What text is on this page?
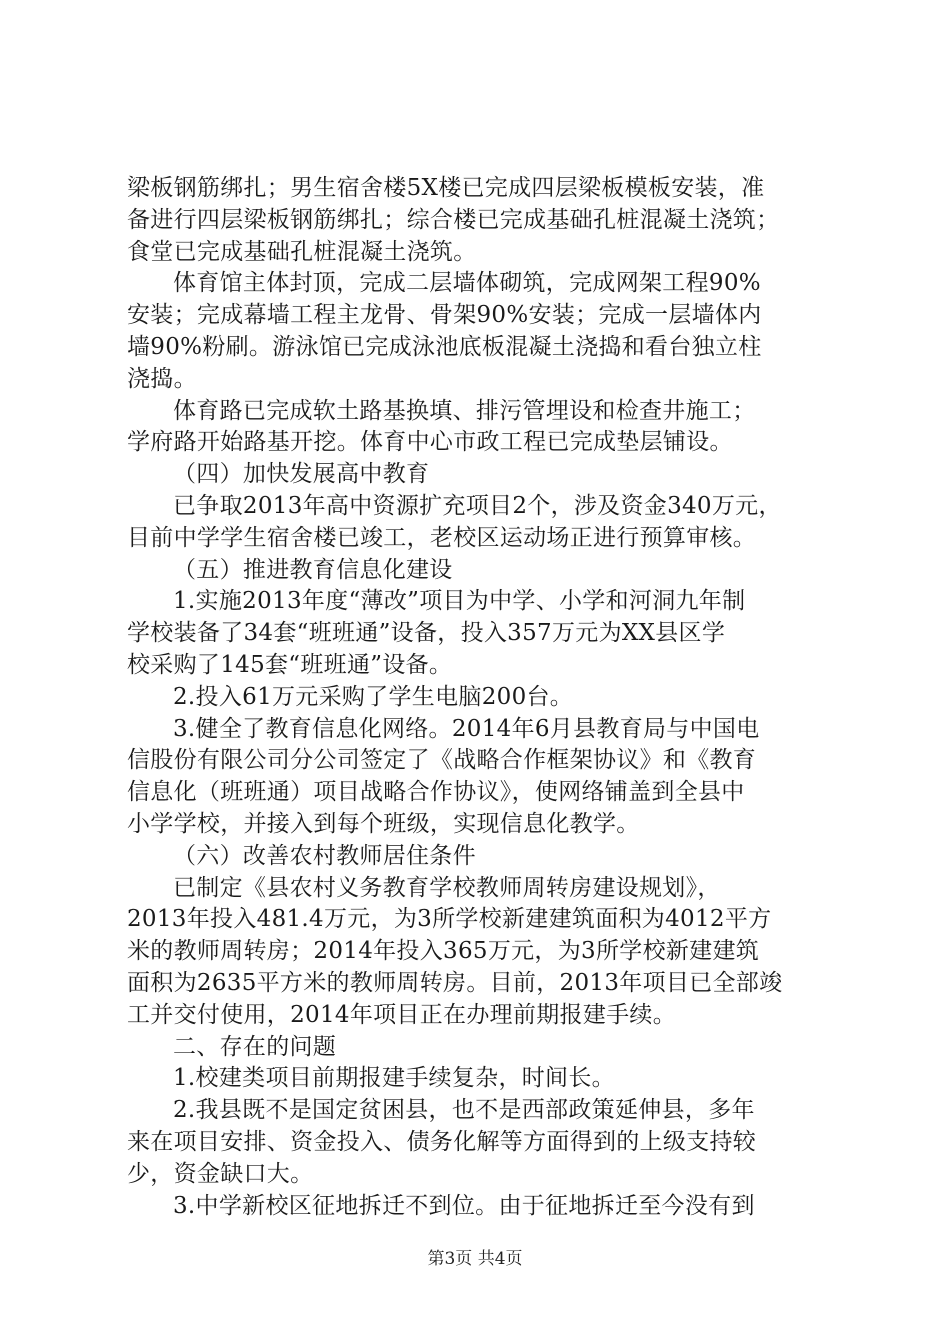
梁板钢筋绑扎；男生宿舍楼5X楼已完成四层梁板模板安装，准
备进行四层梁板钢筋绑扎；综合楼已完成基础孔桩混凝土浇筑；
食堂已完成基础孔桩混凝土浇筑。
体育馆主体封顶，完成二层墙体砌筑，完成网架工程90%
安装；完成幕墙工程主龙骨、骨架90%安装；完成一层墙体内
墙90%粉刷。游泳馆已完成泳池底板混凝土浇捣和看台独立柱
浇捣。
体育路已完成软土路基换填、排污管埋设和检查井施工；
学府路开始路基开挖。体育中心市政工程已完成垫层铺设。
（四）加快发展高中教育
已争取2013年高中资源扩充项目2个，涉及资金340万元，
目前中学学生宿舍楼已竣工，老校区运动场正进行预算审核。
（五）推进教育信息化建设
1.实施2013年度“薄改”项目为中学、小学和河洞九年制
学校装备了34套“班班通”设备，投入357万元为XX县区学
校采购了145套“班班通”设备。
2.投入61万元采购了学生电脑200台。
3.健全了教育信息化网络。2014年6月县教育局与中国电
信股份有限公司分公司签定了《战略合作框架协议》和《教育
信息化（班班通）项目战略合作协议》，使网络铺盖到全县中
小学学校，并接入到每个班级，实现信息化教学。
（六）改善农村教师居住条件
已制定《县农村义务教育学校教师周转房建设规划》，
2013年投入481.4万元，为3所学校新建建筑面积为4012平方
米的教师周转房；2014年投入365万元，为3所学校新建建筑
面积为2635平方米的教师周转房。目前，2013年项目已全部竣
工并交付使用，2014年项目正在办理前期报建手续。
二、存在的问题
1.校建类项目前期报建手续复杂，时间长。
2.我县既不是国定贫困县，也不是西部政策延伸县，多年
来在项目安排、资金投入、债务化解等方面得到的上级支持较
少，资金缺口大。
3.中学新校区征地拆迁不到位。由于征地拆迁至今没有到
第3页 共4页
